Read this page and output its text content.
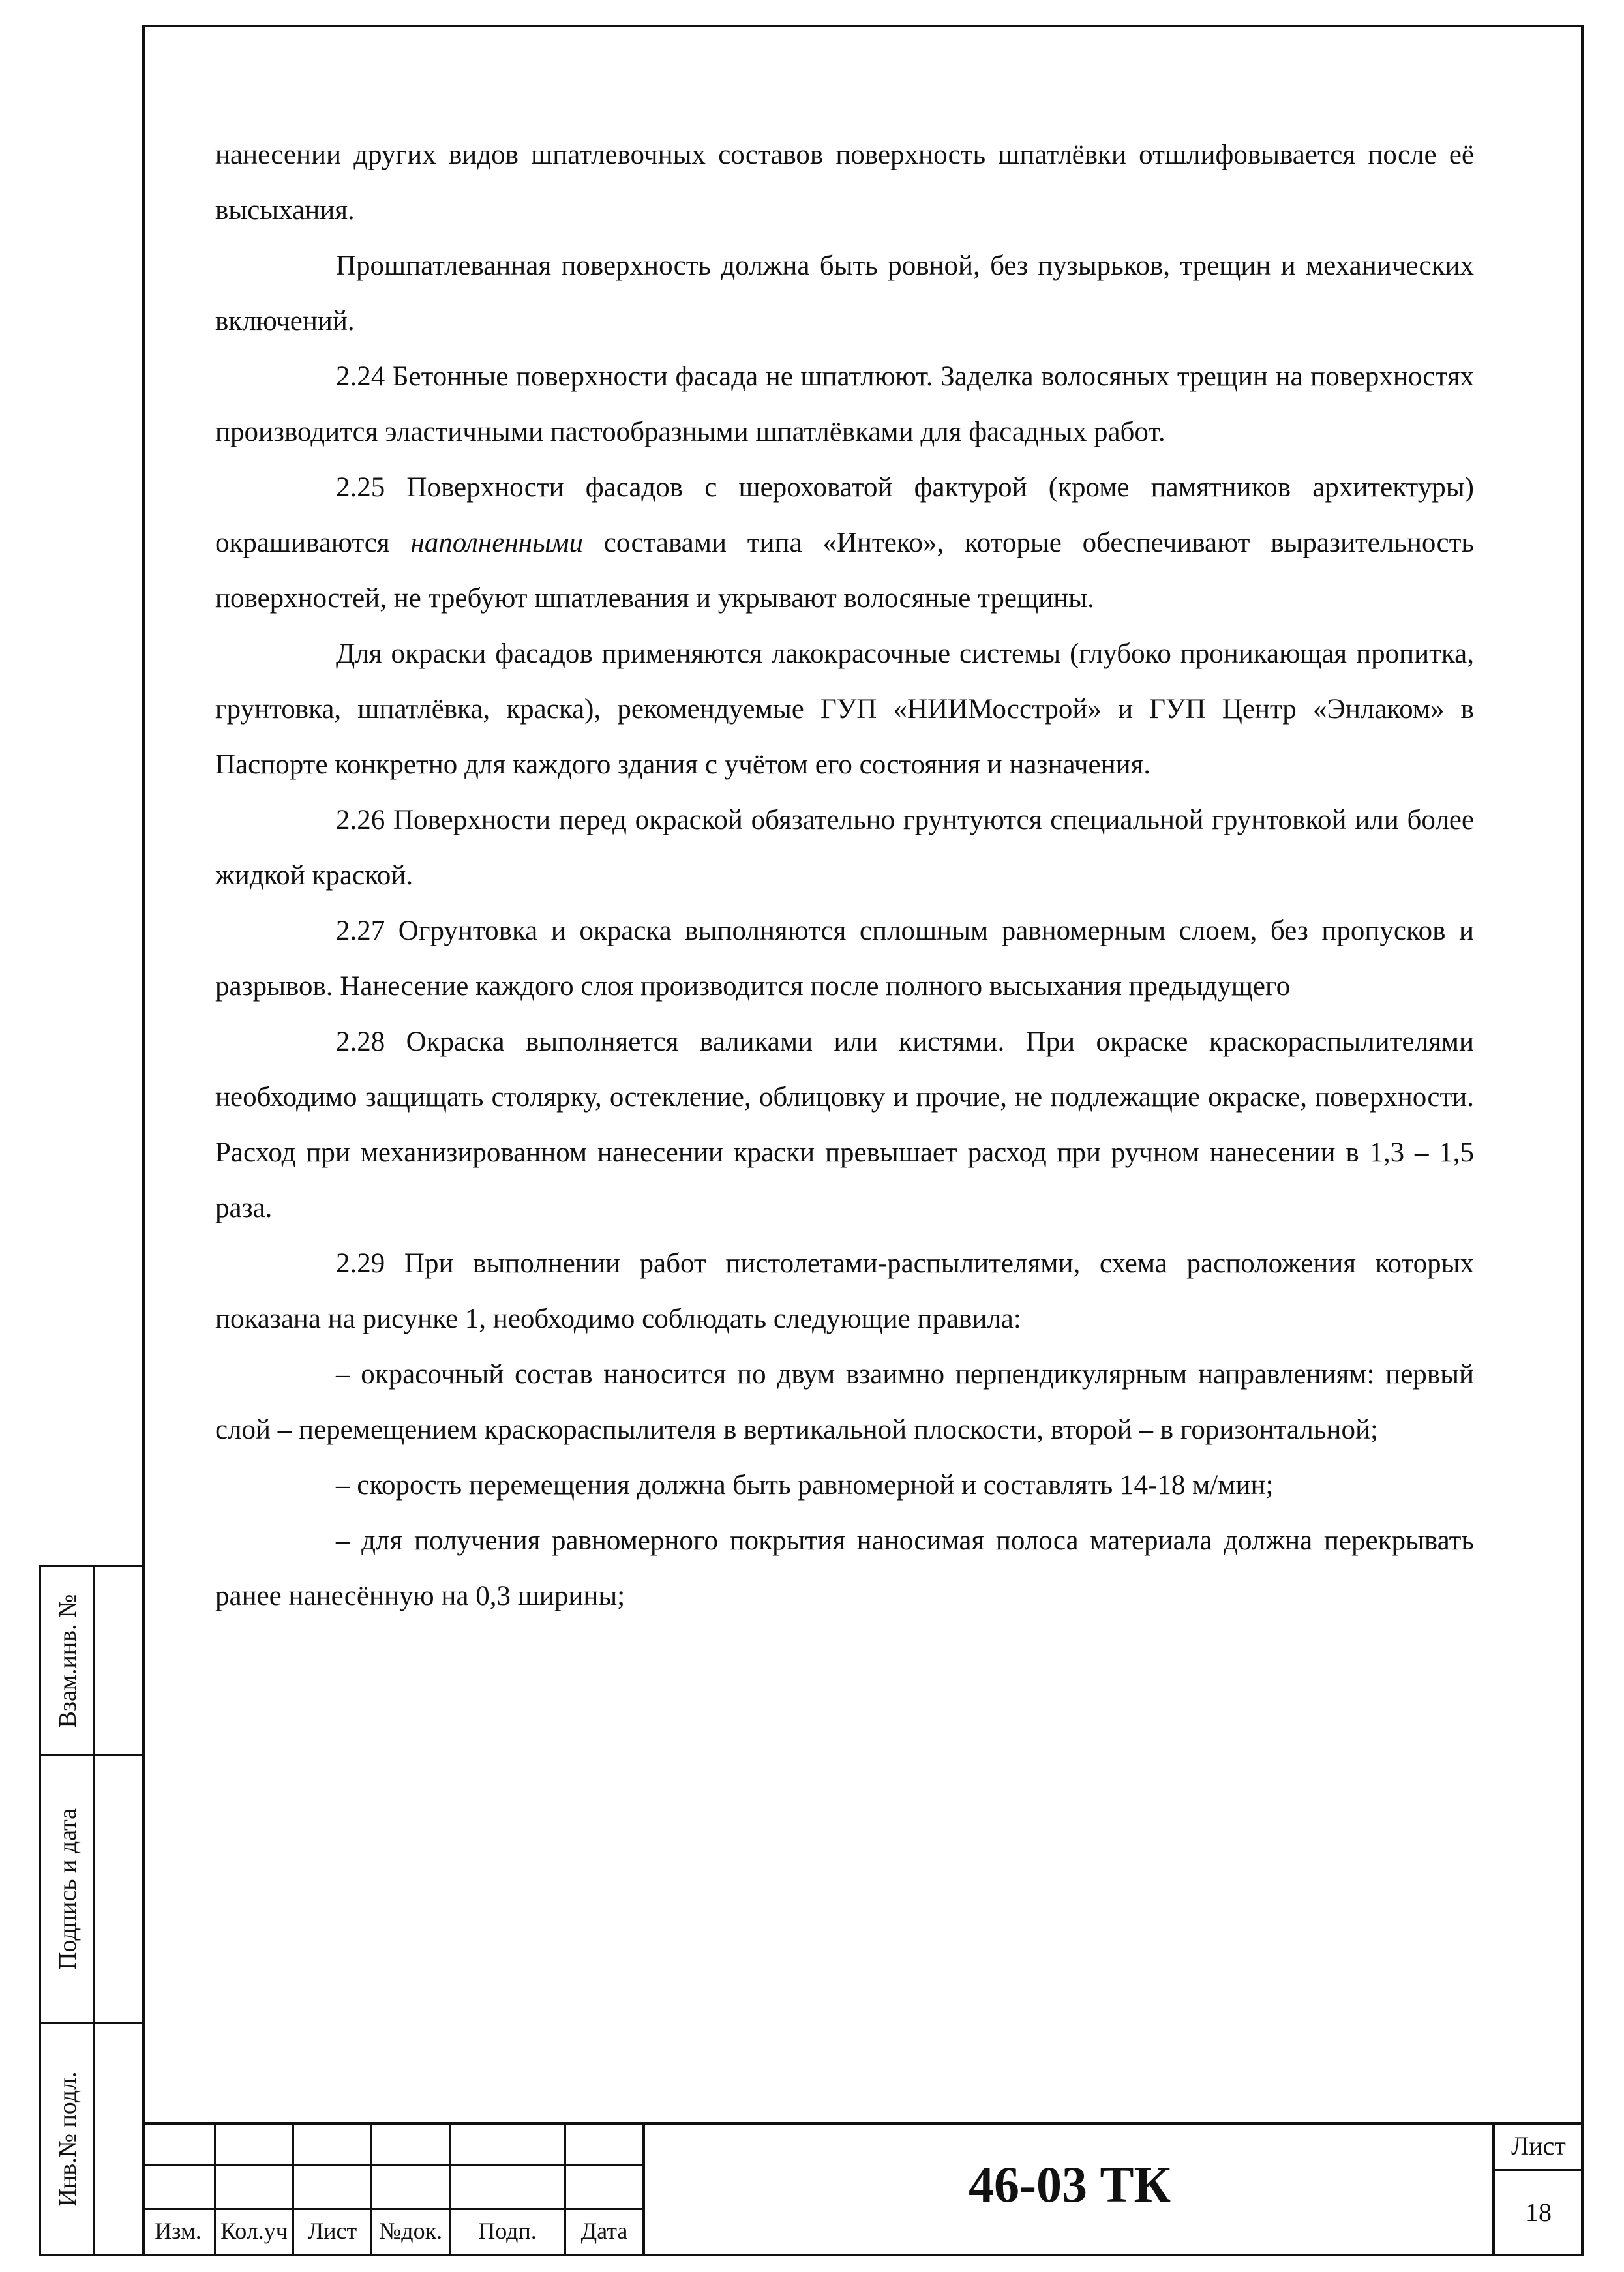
Взам.инв. №
Подпись и дата
Инв.№ подл.

нанесении других видов шпатлевочных составов поверхность шпатлёвки отшлифовывается после её высыхания.

Прошпатлеванная поверхность должна быть ровной, без пузырьков, трещин и механических включений.

2.24 Бетонные поверхности фасада не шпатлюют. Заделка волосяных трещин на поверхностях производится эластичными пастообразными шпатлёвками для фасадных работ.

2.25 Поверхности фасадов с шероховатой фактурой (кроме памятников архитектуры) окрашиваются наполненными составами типа «Интеко», которые обеспечивают выразительность поверхностей, не требуют шпатлевания и укрывают волосяные трещины.

Для окраски фасадов применяются лакокрасочные системы (глубоко проникающая пропитка, грунтовка, шпатлёвка, краска), рекомендуемые ГУП «НИИМосстрой» и ГУП Центр «Энлаком» в Паспорте конкретно для каждого здания с учётом его состояния и назначения.

2.26 Поверхности перед окраской обязательно грунтуются специальной грунтовкой или более жидкой краской.

2.27 Огрунтовка и окраска выполняются сплошным равномерным слоем, без пропусков и разрывов. Нанесение каждого слоя производится после полного высыхания предыдущего

2.28 Окраска выполняется валиками или кистями. При окраске краскораспылителями необходимо защищать столярку, остекление, облицовку и прочие, не подлежащие окраске, поверхности. Расход при механизированном нанесении краски превышает расход при ручном нанесении в 1,3 – 1,5 раза.

2.29 При выполнении работ пистолетами-распылителями, схема расположения которых показана на рисунке 1, необходимо соблюдать следующие правила:

– окрасочный состав наносится по двум взаимно перпендикулярным направлениям: первый слой – перемещением краскораспылителя в вертикальной плоскости, второй – в горизонтальной;

– скорость перемещения должна быть равномерной и составлять 14-18 м/мин;

– для получения равномерного покрытия наносимая полоса материала должна перекрывать ранее нанесённую на 0,3 ширины;

Изм. Кол.уч Лист №док.	Подп.	Дата
46-03 ТК
Лист
18
